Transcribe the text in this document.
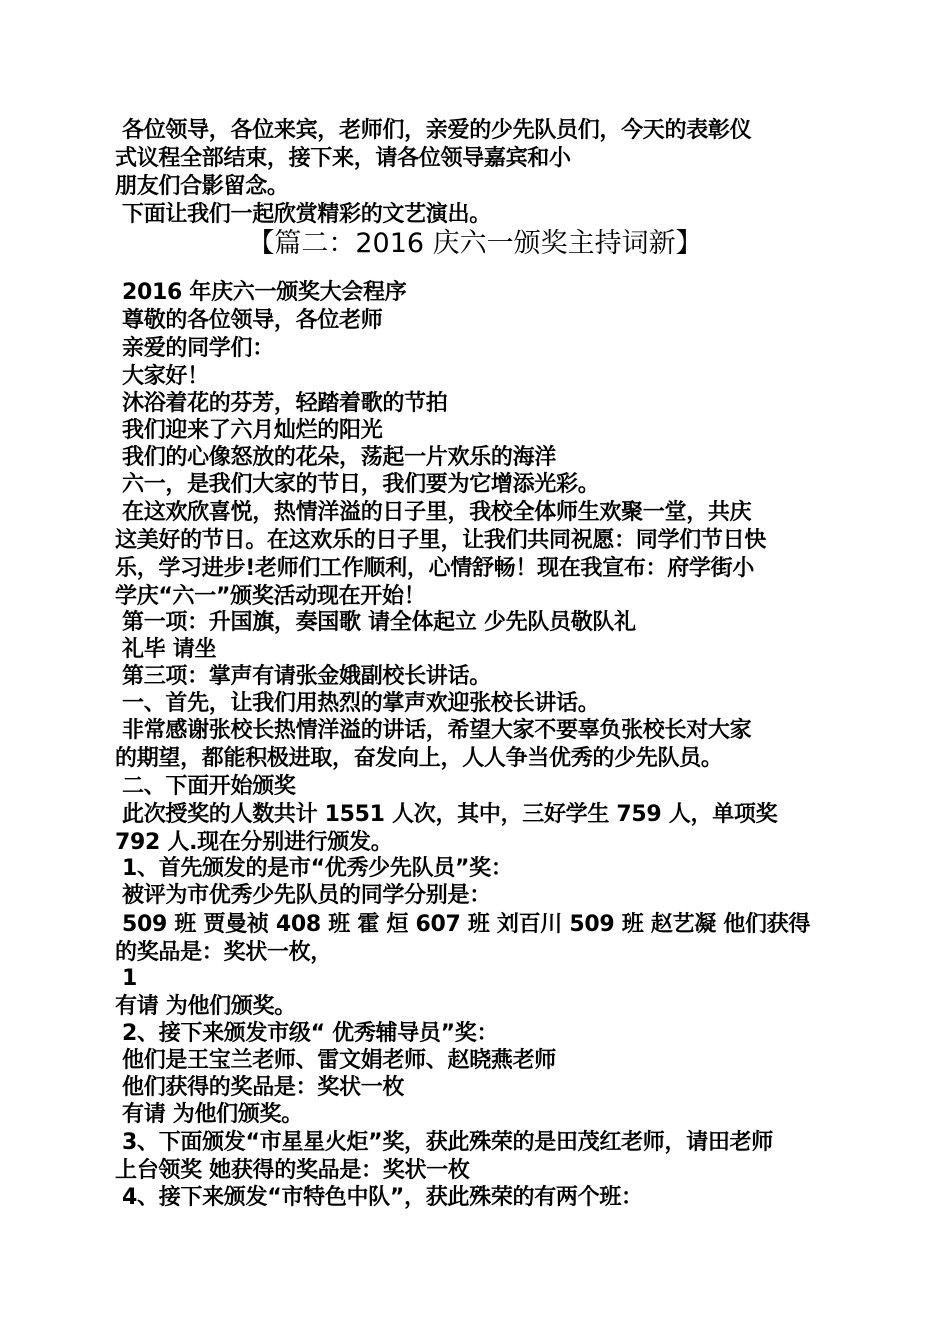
各位领导，各位来宾，老师们，亲爱的少先队员们，今天的表彰仪
式议程全部结束，接下来，请各位领导嘉宾和小
朋友们合影留念。
下面让我们一起欣赏精彩的文艺演出。
【篇二：2016 庆六一颁奖主持词新】
2016 年庆六一颁奖大会程序
尊敬的各位领导，各位老师
亲爱的同学们：
大家好！
沐浴着花的芬芳，轻踏着歌的节拍
我们迎来了六月灿烂的阳光
我们的心像怒放的花朵，荡起一片欢乐的海洋
六一，是我们大家的节日，我们要为它增添光彩。
在这欢欣喜悦，热情洋溢的日子里，我校全体师生欢聚一堂，共庆
这美好的节日。在这欢乐的日子里，让我们共同祝愿：同学们节日快
乐，学习进步!老师们工作顺利，心情舒畅！现在我宣布：府学街小
学庆“六一”颁奖活动现在开始！
第一项：升国旗，奏国歌 请全体起立 少先队员敬队礼
礼毕 请坐
第三项：掌声有请张金娥副校长讲话。
一、首先，让我们用热烈的掌声欢迎张校长讲话。
非常感谢张校长热情洋溢的讲话，希望大家不要辜负张校长对大家
的期望，都能积极进取，奋发向上，人人争当优秀的少先队员。
二、下面开始颁奖
此次授奖的人数共计 1551 人次，其中，三好学生 759 人，单项奖
792 人.现在分别进行颁发。
1、首先颁发的是市“优秀少先队员”奖：
被评为市优秀少先队员的同学分别是：
509 班 贾曼祯 408 班 霍 烜 607 班 刘百川 509 班 赵艺凝 他们获得
的奖品是：奖状一枚，
1
有请 为他们颁奖。
2、接下来颁发市级“ 优秀辅导员”奖：
他们是王宝兰老师、雷文娟老师、赵晓燕老师
他们获得的奖品是：奖状一枚
有请 为他们颁奖。
3、下面颁发“市星星火炬”奖，获此殊荣的是田茂红老师，请田老师
上台领奖 她获得的奖品是：奖状一枚
4、接下来颁发“市特色中队”，获此殊荣的有两个班：
